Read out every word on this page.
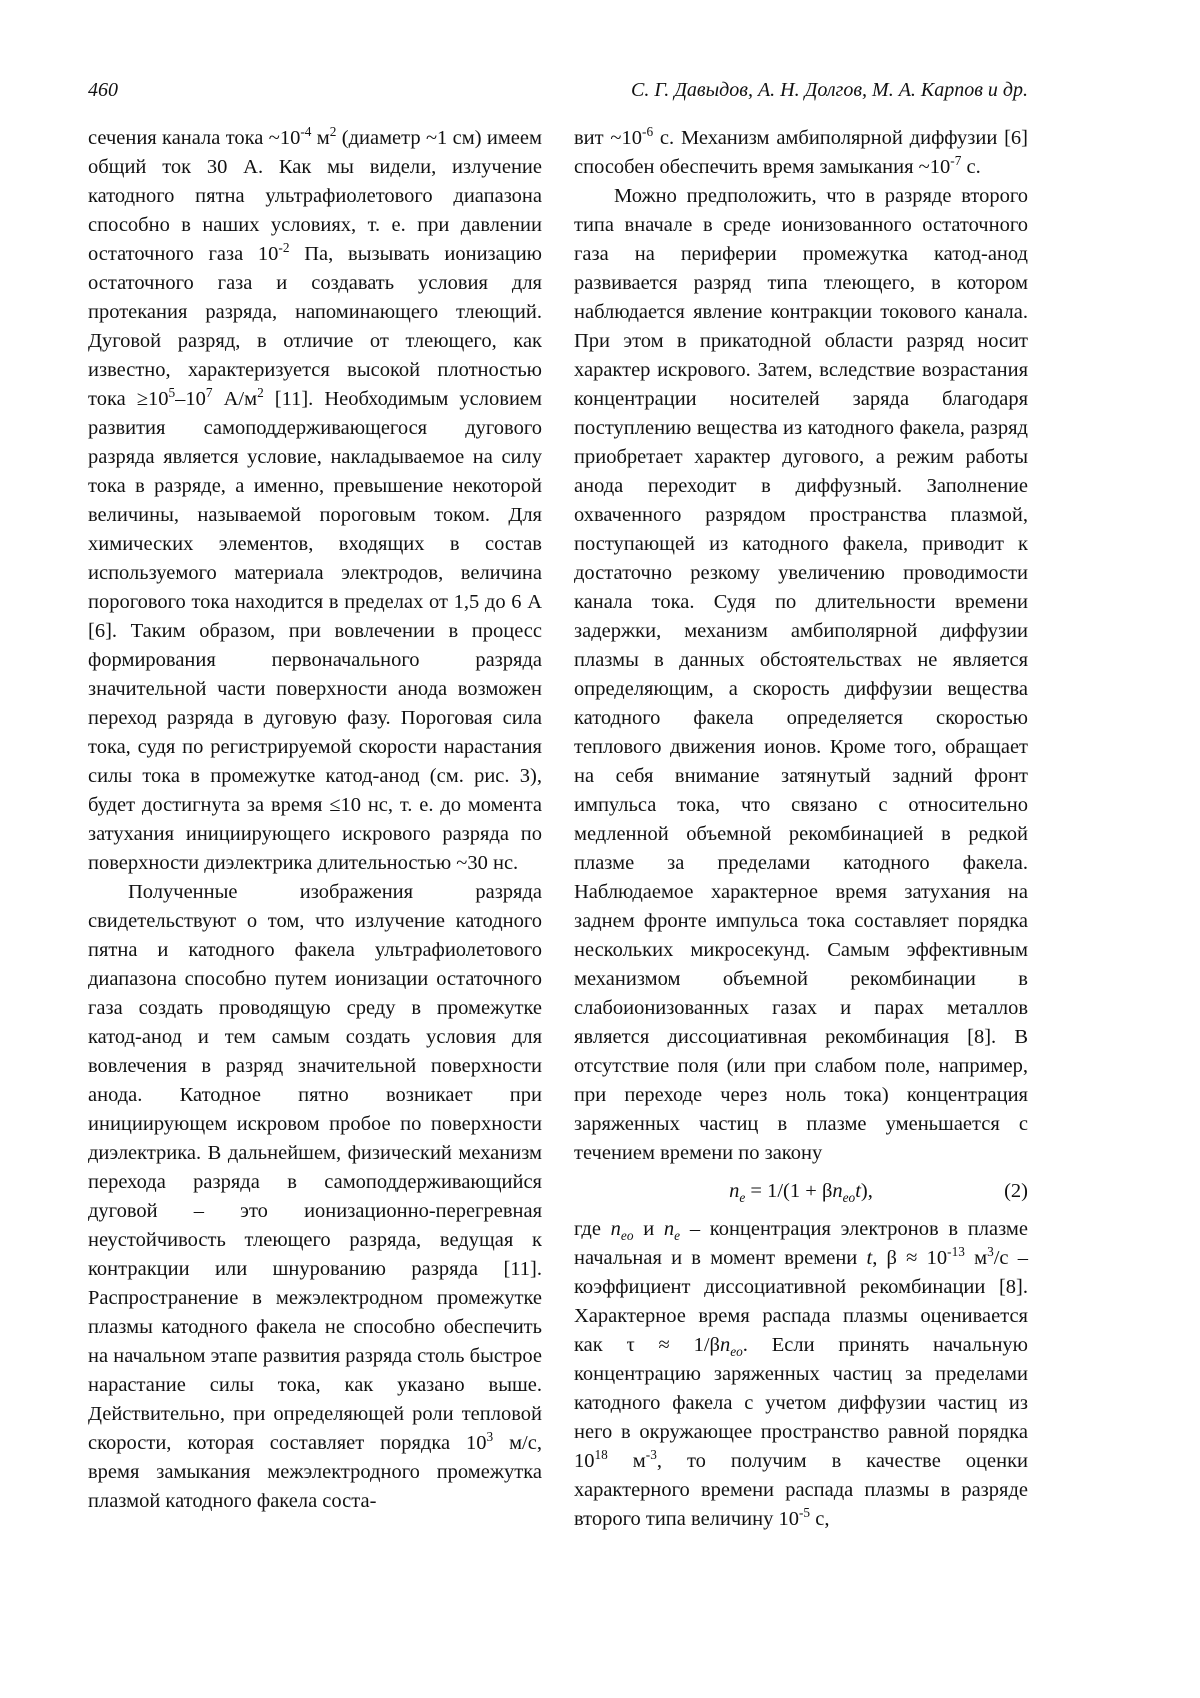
460	С. Г. Давыдов, А. Н. Долгов, М. А. Карпов и др.

сечения канала тока $\sim 10^{-4}$ $м^2$ (диаметр ~1 см) имеем общий ток 30 А. Как мы видели, излучение катодного пятна ультрафиолетового диапазона способно в наших условиях, т. е. при давлении остаточного газа $10^{-2}$ Па, вызывать ионизацию остаточного газа и создавать условия для протекания разряда, напоминающего тлеющий. Дуговой разряд, в отличие от тлеющего, как известно, характеризуется высокой плотностью тока $\ge 10^5-10^7$ $А/м^2$ [11]. Необходимым условием развития самоподдерживающегося дугового разряда является условие, накладываемое на силу тока в разряде, а именно, превышение некоторой величины, называемой пороговым током. Для химических элементов, входящих в состав используемого материала электродов, величина порогового тока находится в пределах от 1,5 до 6 А [6]. Таким образом, при вовлечении в процесс формирования первоначального разряда значительной части поверхности анода возможен переход разряда в дуговую фазу. Пороговая сила тока, судя по регистрируемой скорости нарастания силы тока в промежутке катод-анод (см. рис. 3), будет достигнута за время ≤10 нс, т. е. до момента затухания инициирующего искрового разряда по поверхности диэлектрика длительностью ~30 нс.

Полученные изображения разряда свидетельствуют о том, что излучение катодного пятна и катодного факела ультрафиолетового диапазона способно путем ионизации остаточного газа создать проводящую среду в промежутке катод-анод и тем самым создать условия для вовлечения в разряд значительной поверхности анода. Катодное пятно возникает при инициирующем искровом пробое по поверхности диэлектрика. В дальнейшем, физический механизм перехода разряда в самоподдерживающийся дуговой – это ионизационно-перегревная неустойчивость тлеющего разряда, ведущая к контракции или шнурованию разряда [11]. Распространение в межэлектродном промежутке плазмы катодного факела не способно обеспечить на начальном этапе развития разряда столь быстрое нарастание силы тока, как указано выше. Действительно, при определяющей роли тепловой скорости, которая составляет порядка $10^3$ м/с, время замыкания межэлектродного промежутка плазмой катодного факела соста-

вит $\sim 10^{-6}$ с. Механизм амбиполярной диффузии [6] способен обеспечить время замыкания $\sim 10^{-7}$ с.

Можно предположить, что в разряде второго типа вначале в среде ионизованного остаточного газа на периферии промежутка катод-анод развивается разряд типа тлеющего, в котором наблюдается явление контракции токового канала. При этом в прикатодной области разряд носит характер искрового. Затем, вследствие возрастания концентрации носителей заряда благодаря поступлению вещества из катодного факела, разряд приобретает характер дугового, а режим работы анода переходит в диффузный. Заполнение охваченного разрядом пространства плазмой, поступающей из катодного факела, приводит к достаточно резкому увеличению проводимости канала тока. Судя по длительности времени задержки, механизм амбиполярной диффузии плазмы в данных обстоятельствах не является определяющим, а скорость диффузии вещества катодного факела определяется скоростью теплового движения ионов. Кроме того, обращает на себя внимание затянутый задний фронт импульса тока, что связано с относительно медленной объемной рекомбинацией в редкой плазме за пределами катодного факела. Наблюдаемое характерное время затухания на заднем фронте импульса тока составляет порядка нескольких микросекунд. Самым эффективным механизмом объемной рекомбинации в слабоионизованных газах и парах металлов является диссоциативная рекомбинация [8]. В отсутствие поля (или при слабом поле, например, при переходе через ноль тока) концентрация заряженных частиц в плазме уменьшается с течением времени по закону

$n_e = 1/(1 + \beta n_{eo}t)$,	(2)

где $n_{eo}$ и $n_e$ – концентрация электронов в плазме начальная и в момент времени t, $\beta \approx 10^{-13}$ $м^3/с$ – коэффициент диссоциативной рекомбинации [8]. Характерное время распада плазмы оценивается как $\tau \approx 1/\beta n_{eo}$. Если принять начальную концентрацию заряженных частиц за пределами катодного факела с учетом диффузии частиц из него в окружающее пространство равной порядка $10^{18}$ $м^{-3}$, то получим в качестве оценки характерного времени распада плазмы в разряде второго типа величину $10^{-5}$ с,
